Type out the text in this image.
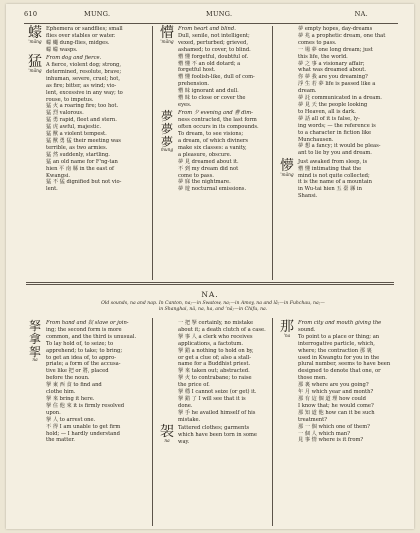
610	MUNG.	MUNG.	NA.
蠓
'măng

Ephemera or sandflies; small

flies over stables or water.

蠓 蠅 dung-flies, midges.

蠓 蠓 wasps.

猛
'măng

From dog and fierce.

A fierce, violent dog; strong,

determined, resolute, brave;

inhuman, severe, cruel; hot,

as fire; bitter, as wind; vio-

lent, excessive in any way; to

rouse, to impetus.

猛 火 a roaring fire; too hot.

猛 烈 valorous.

猛 勇 rapid, fleet and stern.

猛 虎 awful, majestic.

猛 獸 a violent tempest.

猛 獸 勇 猛 their meeting was

terrible, as two armies.

猛 然 suddenly, startling.

猛 an old name for F'ng-tan

hien 平 南 縣 in the east of

Kwangsi.

猛 不 猛 dignified but not vio-

lent.

懵
'măng

From heart and blind.

Dull, senile, not intelligent;

vexed, perturbed; grieved,

ashamed; to cover, to blind.

懵 懂 forgetful, doubtful of.

懵 懂 不 an old dotard; a

forgetful host.

懵 懂 foolish-like, dull of com-

prehension.

懵 昧 ignorant and dull.

懵 昧 to close or cover the

eyes.

夢 夢 夢
mung

From 夕 evening and 瞢 dim-

ness contracted, the last form

often occurs in its compounds.

To dream, to see visions;

a dream, of which diviners

make six classes: a vanity,

a pleasure, obscure.

夢 見 dreamed about it.

不 到 my dream did not

come to pass.

夢 寐 the nightmare.

夢 遊 nocturnal emissions.

夢 empty hopes, day-dreams

夢 兆 a prophetic dream, one that

comes to pass.

一 場 夢 one long dream; just

this life, the world.

夢 之 事 a visionary affair;

what was dreamed about.

你 夢 我 are you dreaming?

浮 生 若 夢 life is passed like a

dream.

夢 託 communicated in a dream.

夢 見 天 the people looking

to Heaven, all is dark.

夢 話 all of it is false, ly-

ing words; — the reference is

to a character in fiction like

Munchausen.

夢 想 a fancy; it would be pleas-

ant to lie by you and dream.

懜
'măng

Just awaked from sleep, is

懵 懂 intimating that the

mind is not quite collected;

it is the name of a mountain

in Wu-tai hien 五 臺 縣 in

Shansi.

NA.
Old sounds, na and nap. In Canton, na;—in Swatow, na;—in Amoy, na and lâ;—in Fuhchau, na;—
in Shanghai, nä, na, ha, and ʻnä;—in Chifu, na.
拏 拿 挐
na

From hand and 奴 slave or join-

ing; the second form is more

common, and the third is unusual.

To lay hold of, to seize; to

apprehend; to take; to bring;

to get an idea of, to appro-

priate; a form of the accusa-

tive like 把 or 將, placed

before the noun.

拏 東 西 食 to find and

clothe him.

拏 來 bring it here.

拏 住 他 來 it is firmly resolved

upon.

拏 人 to arrest one.

不 得 I am unable to get firm

hold; — I hardly understand

the matter.

一 把 拏 certainly, no mistake

about it; a death clutch of a case.

拏 事 人 a clerk who receives

applications, a factotum.

拏 錯 a nothing to hold on by,

or get a clue of; also a stall-

name for a Buddhist priest.

拏 來 taken out; abstracted.

拏 火 to contrabane; to raise

the price of.

拏 穩 I cannot seize (or get) it.

拏 錯 了 I will see that it is

done.

拏 手 he availed himself of his

mistake.

袈
na

Tattered clothes; garments

which have been torn in some

way.

那
'na

From city and mouth giving the

sound.

To point to a place or thing; an

interrogative particle, which,

where; the contraction 那 裏

used in Kwangtu for you in the

plural number, seems to have been

designed to denote that one, or

those men.

那 裏 where are you going?

年 月 which year and month?

那 有 這 個 道 理 how could

I know that; he would come?

那 知 道 他 how can it be such

treatment?

那 一 個 which one of them?

一 個 人 which man?

見 事 情 where is it from?
